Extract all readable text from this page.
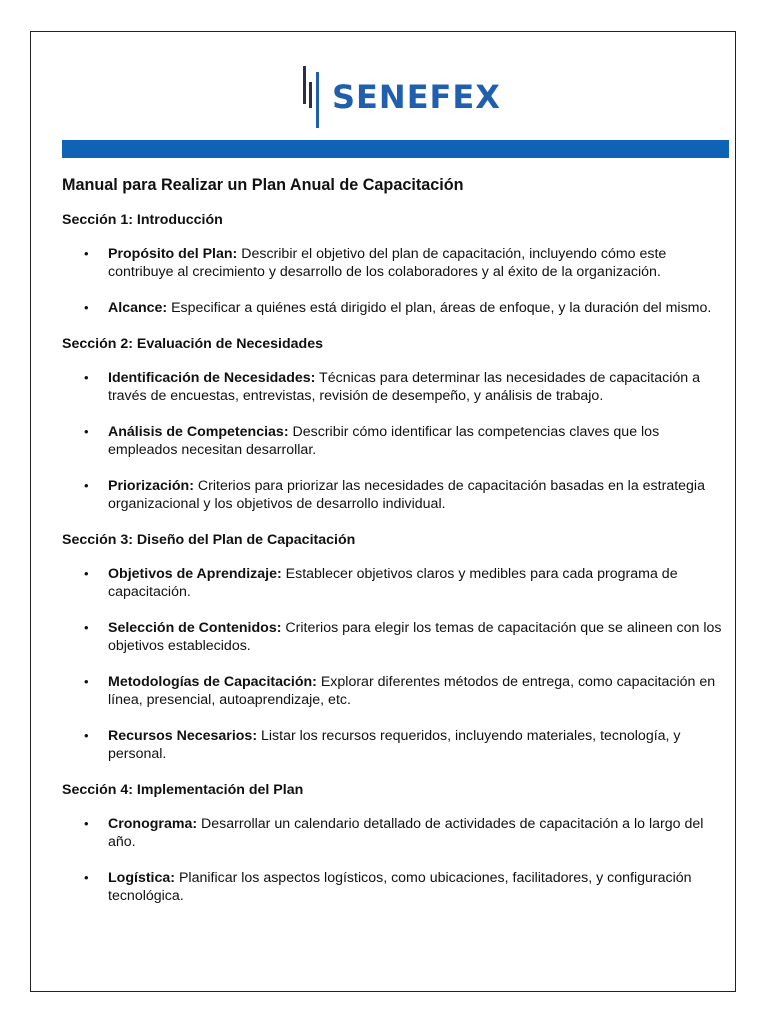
SENEFEX
Manual para Realizar un Plan Anual de Capacitación
Sección 1: Introducción
• Propósito del Plan: Describir el objetivo del plan de capacitación, incluyendo cómo este contribuye al crecimiento y desarrollo de los colaboradores y al éxito de la organización.
• Alcance: Especificar a quiénes está dirigido el plan, áreas de enfoque, y la duración del mismo.
Sección 2: Evaluación de Necesidades
• Identificación de Necesidades: Técnicas para determinar las necesidades de capacitación a través de encuestas, entrevistas, revisión de desempeño, y análisis de trabajo.
• Análisis de Competencias: Describir cómo identificar las competencias claves que los empleados necesitan desarrollar.
• Priorización: Criterios para priorizar las necesidades de capacitación basadas en la estrategia organizacional y los objetivos de desarrollo individual.
Sección 3: Diseño del Plan de Capacitación
• Objetivos de Aprendizaje: Establecer objetivos claros y medibles para cada programa de capacitación.
• Selección de Contenidos: Criterios para elegir los temas de capacitación que se alineen con los objetivos establecidos.
• Metodologías de Capacitación: Explorar diferentes métodos de entrega, como capacitación en línea, presencial, autoaprendizaje, etc.
• Recursos Necesarios: Listar los recursos requeridos, incluyendo materiales, tecnología, y personal.
Sección 4: Implementación del Plan
• Cronograma: Desarrollar un calendario detallado de actividades de capacitación a lo largo del año.
• Logística: Planificar los aspectos logísticos, como ubicaciones, facilitadores, y configuración tecnológica.
